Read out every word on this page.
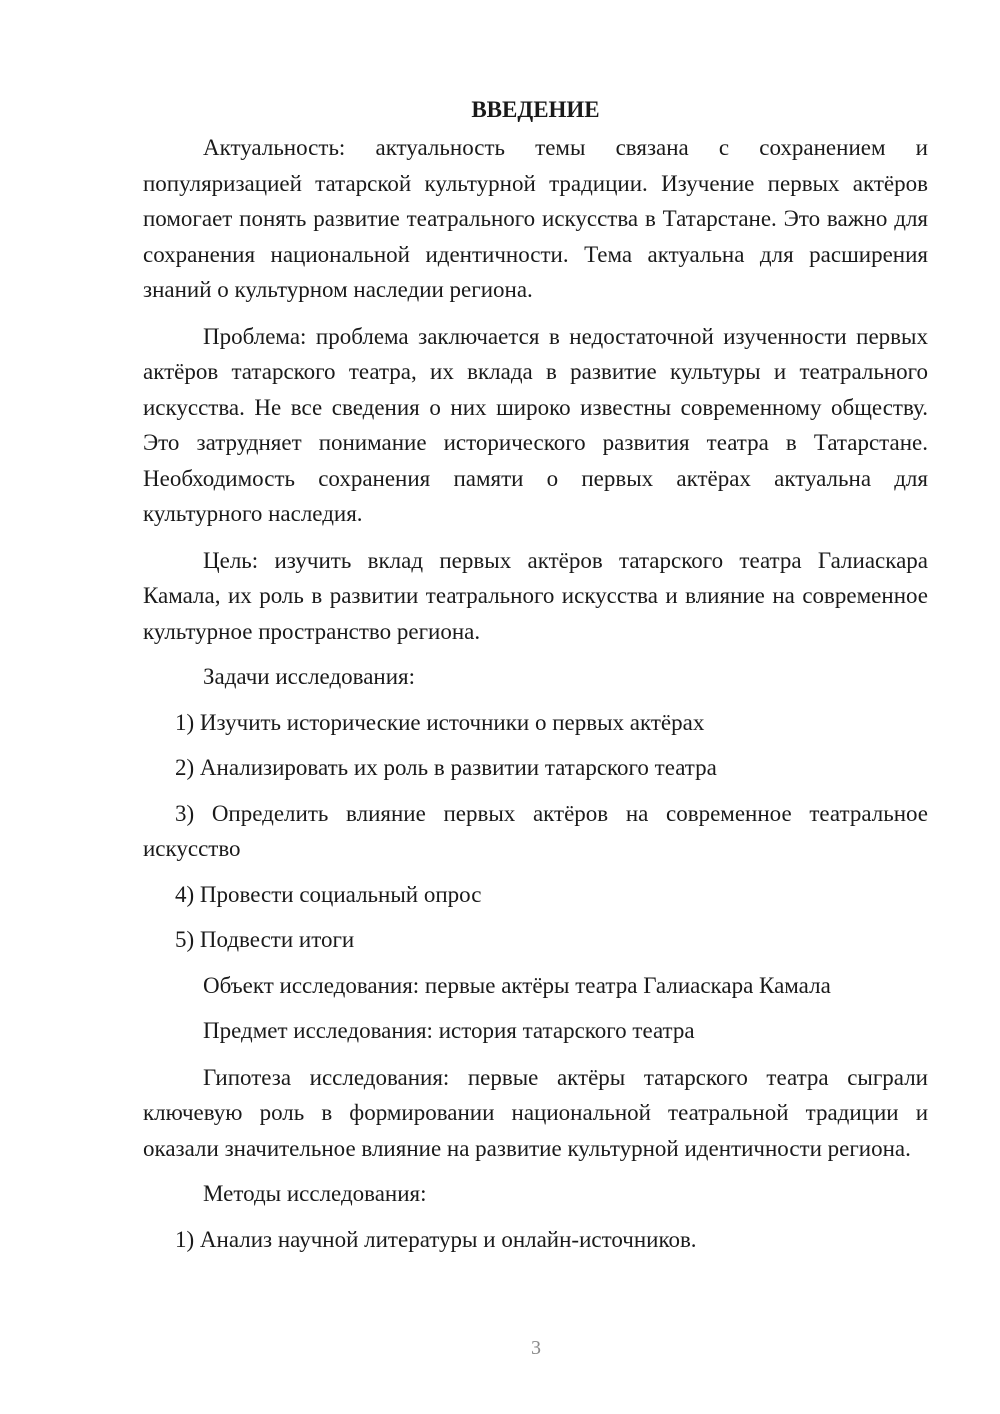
ВВЕДЕНИЕ

Актуальность: актуальность темы связана с сохранением и популяризацией татарской культурной традиции. Изучение первых актёров помогает понять развитие театрального искусства в Татарстане. Это важно для сохранения национальной идентичности. Тема актуальна для расширения знаний о культурном наследии региона.

Проблема: проблема заключается в недостаточной изученности первых актёров татарского театра, их вклада в развитие культуры и театрального искусства. Не все сведения о них широко известны современному обществу. Это затрудняет понимание исторического развития театра в Татарстане. Необходимость сохранения памяти о первых актёрах актуальна для культурного наследия.

Цель: изучить вклад первых актёров татарского театра Галиаскара Камала, их роль в развитии театрального искусства и влияние на современное культурное пространство региона.

Задачи исследования:

1) Изучить исторические источники о первых актёрах

2) Анализировать их роль в развитии татарского театра

3) Определить влияние первых актёров на современное театральное искусство

4) Провести социальный опрос

5) Подвести итоги

Объект исследования: первые актёры театра Галиаскара Камала

Предмет исследования: история татарского театра

Гипотеза исследования: первые актёры татарского театра сыграли ключевую роль в формировании национальной театральной традиции и оказали значительное влияние на развитие культурной идентичности региона.

Методы исследования:

1) Анализ научной литературы и онлайн-источников.

3
